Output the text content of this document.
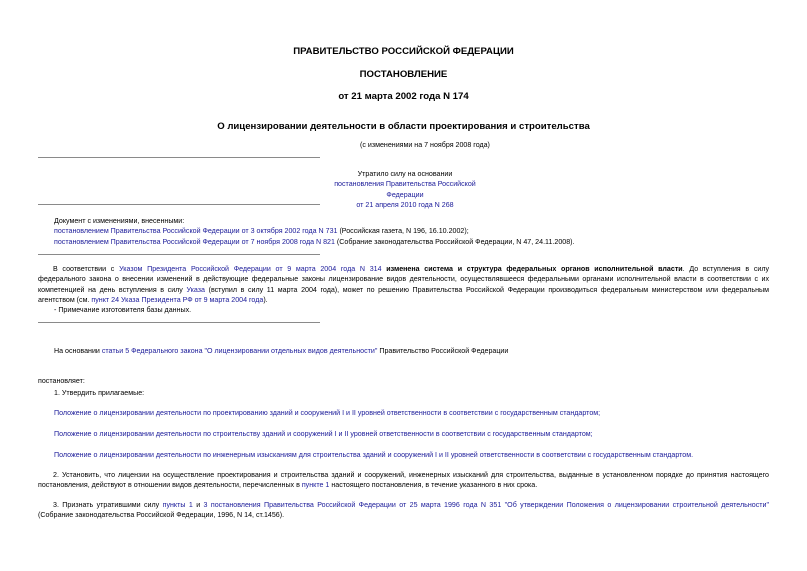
ПРАВИТЕЛЬСТВО РОССИЙСКОЙ ФЕДЕРАЦИИ
ПОСТАНОВЛЕНИЕ
от 21 марта 2002 года N 174
О лицензировании деятельности в области проектирования и строительства
(с изменениями на 7 ноября 2008 года)
Утратило силу на основании
постановления Правительства Российской Федерации
от 21 апреля 2010 года N 268
Документ с изменениями, внесенными:
постановлением Правительства Российской Федерации от 3 октября 2002 года N 731 (Российская газета, N 196, 16.10.2002);
постановлением Правительства Российской Федерации от 7 ноября 2008 года N 821 (Собрание законодательства Российской Федерации, N 47, 24.11.2008).
В соответствии с Указом Президента Российской Федерации от 9 марта 2004 года N 314 изменена система и структура федеральных органов исполнительной власти. До вступления в силу
федерального закона о внесении изменений в действующие федеральные законы лицензирование видов деятельности, осуществлявшееся федеральными органами исполнительной власти в соответствии с их
компетенцией на день вступления в силу Указа (вступил в силу 11 марта 2004 года), может по решению Правительства Российской Федерации производиться федеральным министерством или федеральным
агентством (см. пункт 24 Указа Президента РФ от 9 марта 2004 года).
- Примечание изготовителя базы данных.
На основании статьи 5 Федерального закона "О лицензировании отдельных видов деятельности" Правительство Российской Федерации
постановляет:
1. Утвердить прилагаемые:
Положение о лицензировании деятельности по проектированию зданий и сооружений I и II уровней ответственности в соответствии с государственным стандартом;
Положение о лицензировании деятельности по строительству зданий и сооружений I и II уровней ответственности в соответствии с государственным стандартом;
Положение о лицензировании деятельности по инженерным изысканиям для строительства зданий и сооружений I и II уровней ответственности в соответствии с государственным стандартом.
2. Установить, что лицензии на осуществление проектирования и строительства зданий и сооружений, инженерных изысканий для строительства, выданные в установленном порядке до принятия настоящего
постановления, действуют в отношении видов деятельности, перечисленных в пункте 1 настоящего постановления, в течение указанного в них срока.
3. Признать утратившими силу пункты 1 и 3 постановления Правительства Российской Федерации от 25 марта 1996 года N 351 "Об утверждении Положения о лицензировании строительной деятельности"
(Собрание законодательства Российской Федерации, 1996, N 14, ст.1456).
